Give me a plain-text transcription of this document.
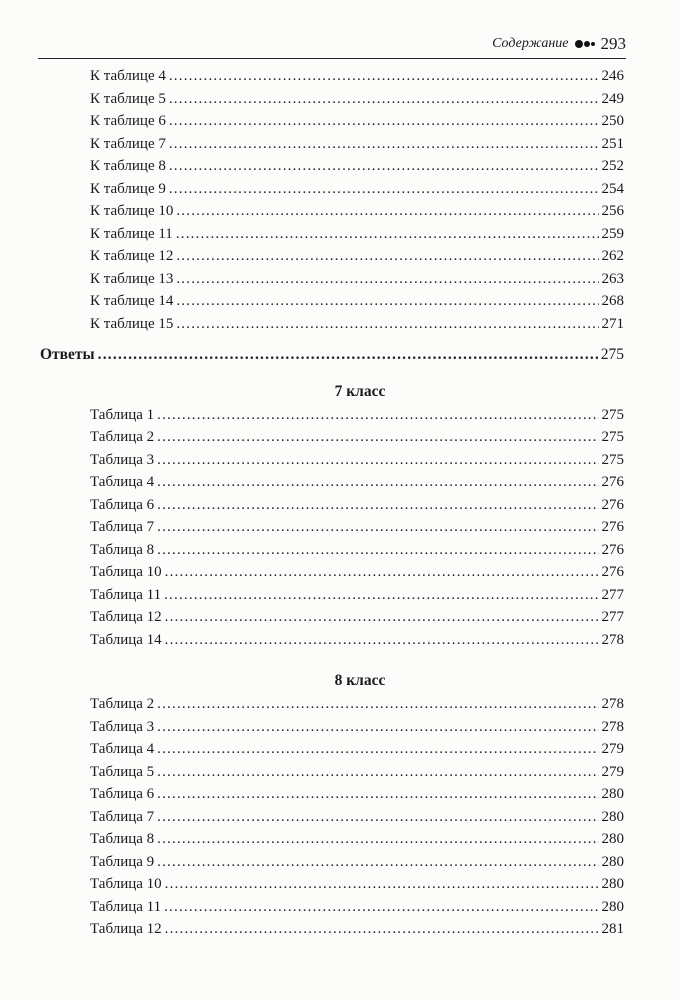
Содержание 293
К таблице 4 .....	246
К таблице 5 .....	249
К таблице 6 .....	250
К таблице 7 .....	251
К таблице 8 .....	252
К таблице 9 .....	254
К таблице 10 .....	256
К таблице 11 .....	259
К таблице 12 .....	262
К таблице 13 .....	263
К таблице 14 .....	268
К таблице 15 .....	271
Ответы .....	275
7 класс
Таблица 1 .....	275
Таблица 2 .....	275
Таблица 3 .....	275
Таблица 4 .....	276
Таблица 6 .....	276
Таблица 7 .....	276
Таблица 8 .....	276
Таблица 10 .....	276
Таблица 11 .....	277
Таблица 12 .....	277
Таблица 14 .....	278
8 класс
Таблица 2 .....	278
Таблица 3 .....	278
Таблица 4 .....	279
Таблица 5 .....	279
Таблица 6 .....	280
Таблица 7 .....	280
Таблица 8 .....	280
Таблица 9 .....	280
Таблица 10 .....	280
Таблица 11 .....	280
Таблица 12 .....	281
